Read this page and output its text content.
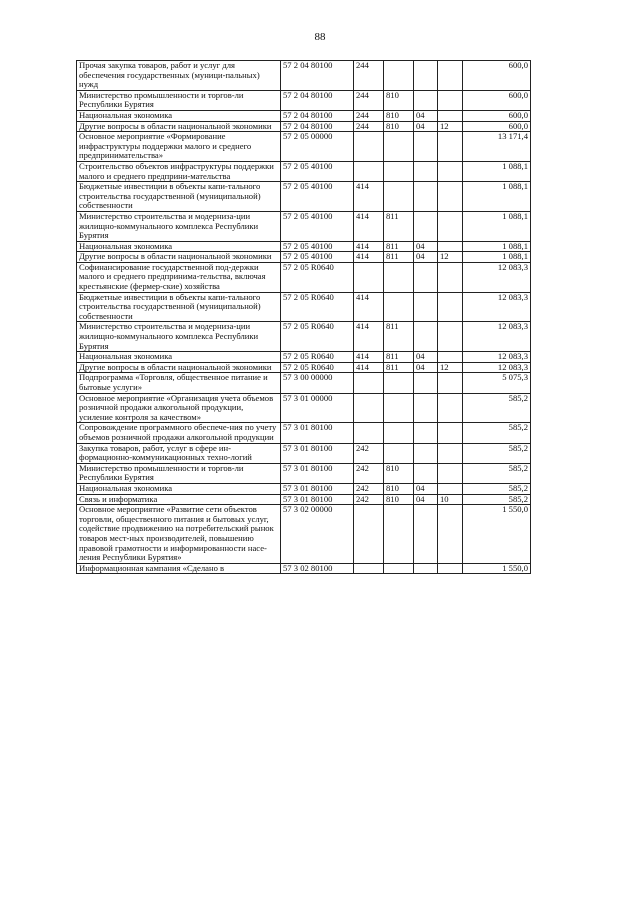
88
Прочая закупка товаров, работ и услуг для обеспечения государственных (муници-пальных) нужд	57 2 04 80100	244				600,0
Министерство промышленности и торгов-ли Республики Бурятия	57 2 04 80100	244	810			600,0
Национальная экономика	57 2 04 80100	244	810	04		600,0
Другие вопросы в области национальной экономики	57 2 04 80100	244	810	04	12	600,0
Основное мероприятие «Формирование инфраструктуры поддержки малого и среднего предпринимательства»	57 2 05 00000					13 171,4
Строительство объектов инфраструктуры поддержки малого и среднего предприни-мательства	57 2 05 40100					1 088,1
Бюджетные инвестиции в объекты капи-тального строительства государственной (муниципальной) собственности	57 2 05 40100	414				1 088,1
Министерство строительства и модерниза-ции жилищно-коммунального комплекса Республики Бурятия	57 2 05 40100	414	811			1 088,1
Национальная экономика	57 2 05 40100	414	811	04		1 088,1
Другие вопросы в области национальной экономики	57 2 05 40100	414	811	04	12	1 088,1
Софинансирование государственной под-держки малого и среднего предпринима-тельства, включая крестьянские (фермер-ские) хозяйства	57 2 05 R0640					12 083,3
Бюджетные инвестиции в объекты капи-тального строительства государственной (муниципальной) собственности	57 2 05 R0640	414				12 083,3
Министерство строительства и модерниза-ции жилищно-коммунального комплекса Республики Бурятия	57 2 05 R0640	414	811			12 083,3
Национальная экономика	57 2 05 R0640	414	811	04		12 083,3
Другие вопросы в области национальной экономики	57 2 05 R0640	414	811	04	12	12 083,3
Подпрограмма «Торговля, общественное питание и бытовые услуги»	57 3 00 00000					5 075,3
Основное мероприятие «Организация учета объемов розничной продажи алкогольной продукции, усиление контроля за качеством»	57 3 01 00000					585,2
Сопровождение программного обеспече-ния по учету объемов розничной продажи алкогольной продукции	57 3 01 80100					585,2
Закупка товаров, работ, услуг в сфере ин-формационно-коммуникационных техно-логий	57 3 01 80100	242				585,2
Министерство промышленности и торгов-ли Республики Бурятия	57 3 01 80100	242	810			585,2
Национальная экономика	57 3 01 80100	242	810	04		585,2
Связь и информатика	57 3 01 80100	242	810	04	10	585,2
Основное мероприятие «Развитие сети объектов торговли, общественного питания и бытовых услуг, содействие продвижению на потребительский рынок товаров мест-ных производителей, повышению правовой грамотности и информированности насе-ления Республики Бурятия»	57 3 02 00000					1 550,0
Информационная кампания «Сделано в	57 3 02 80100					1 550,0
